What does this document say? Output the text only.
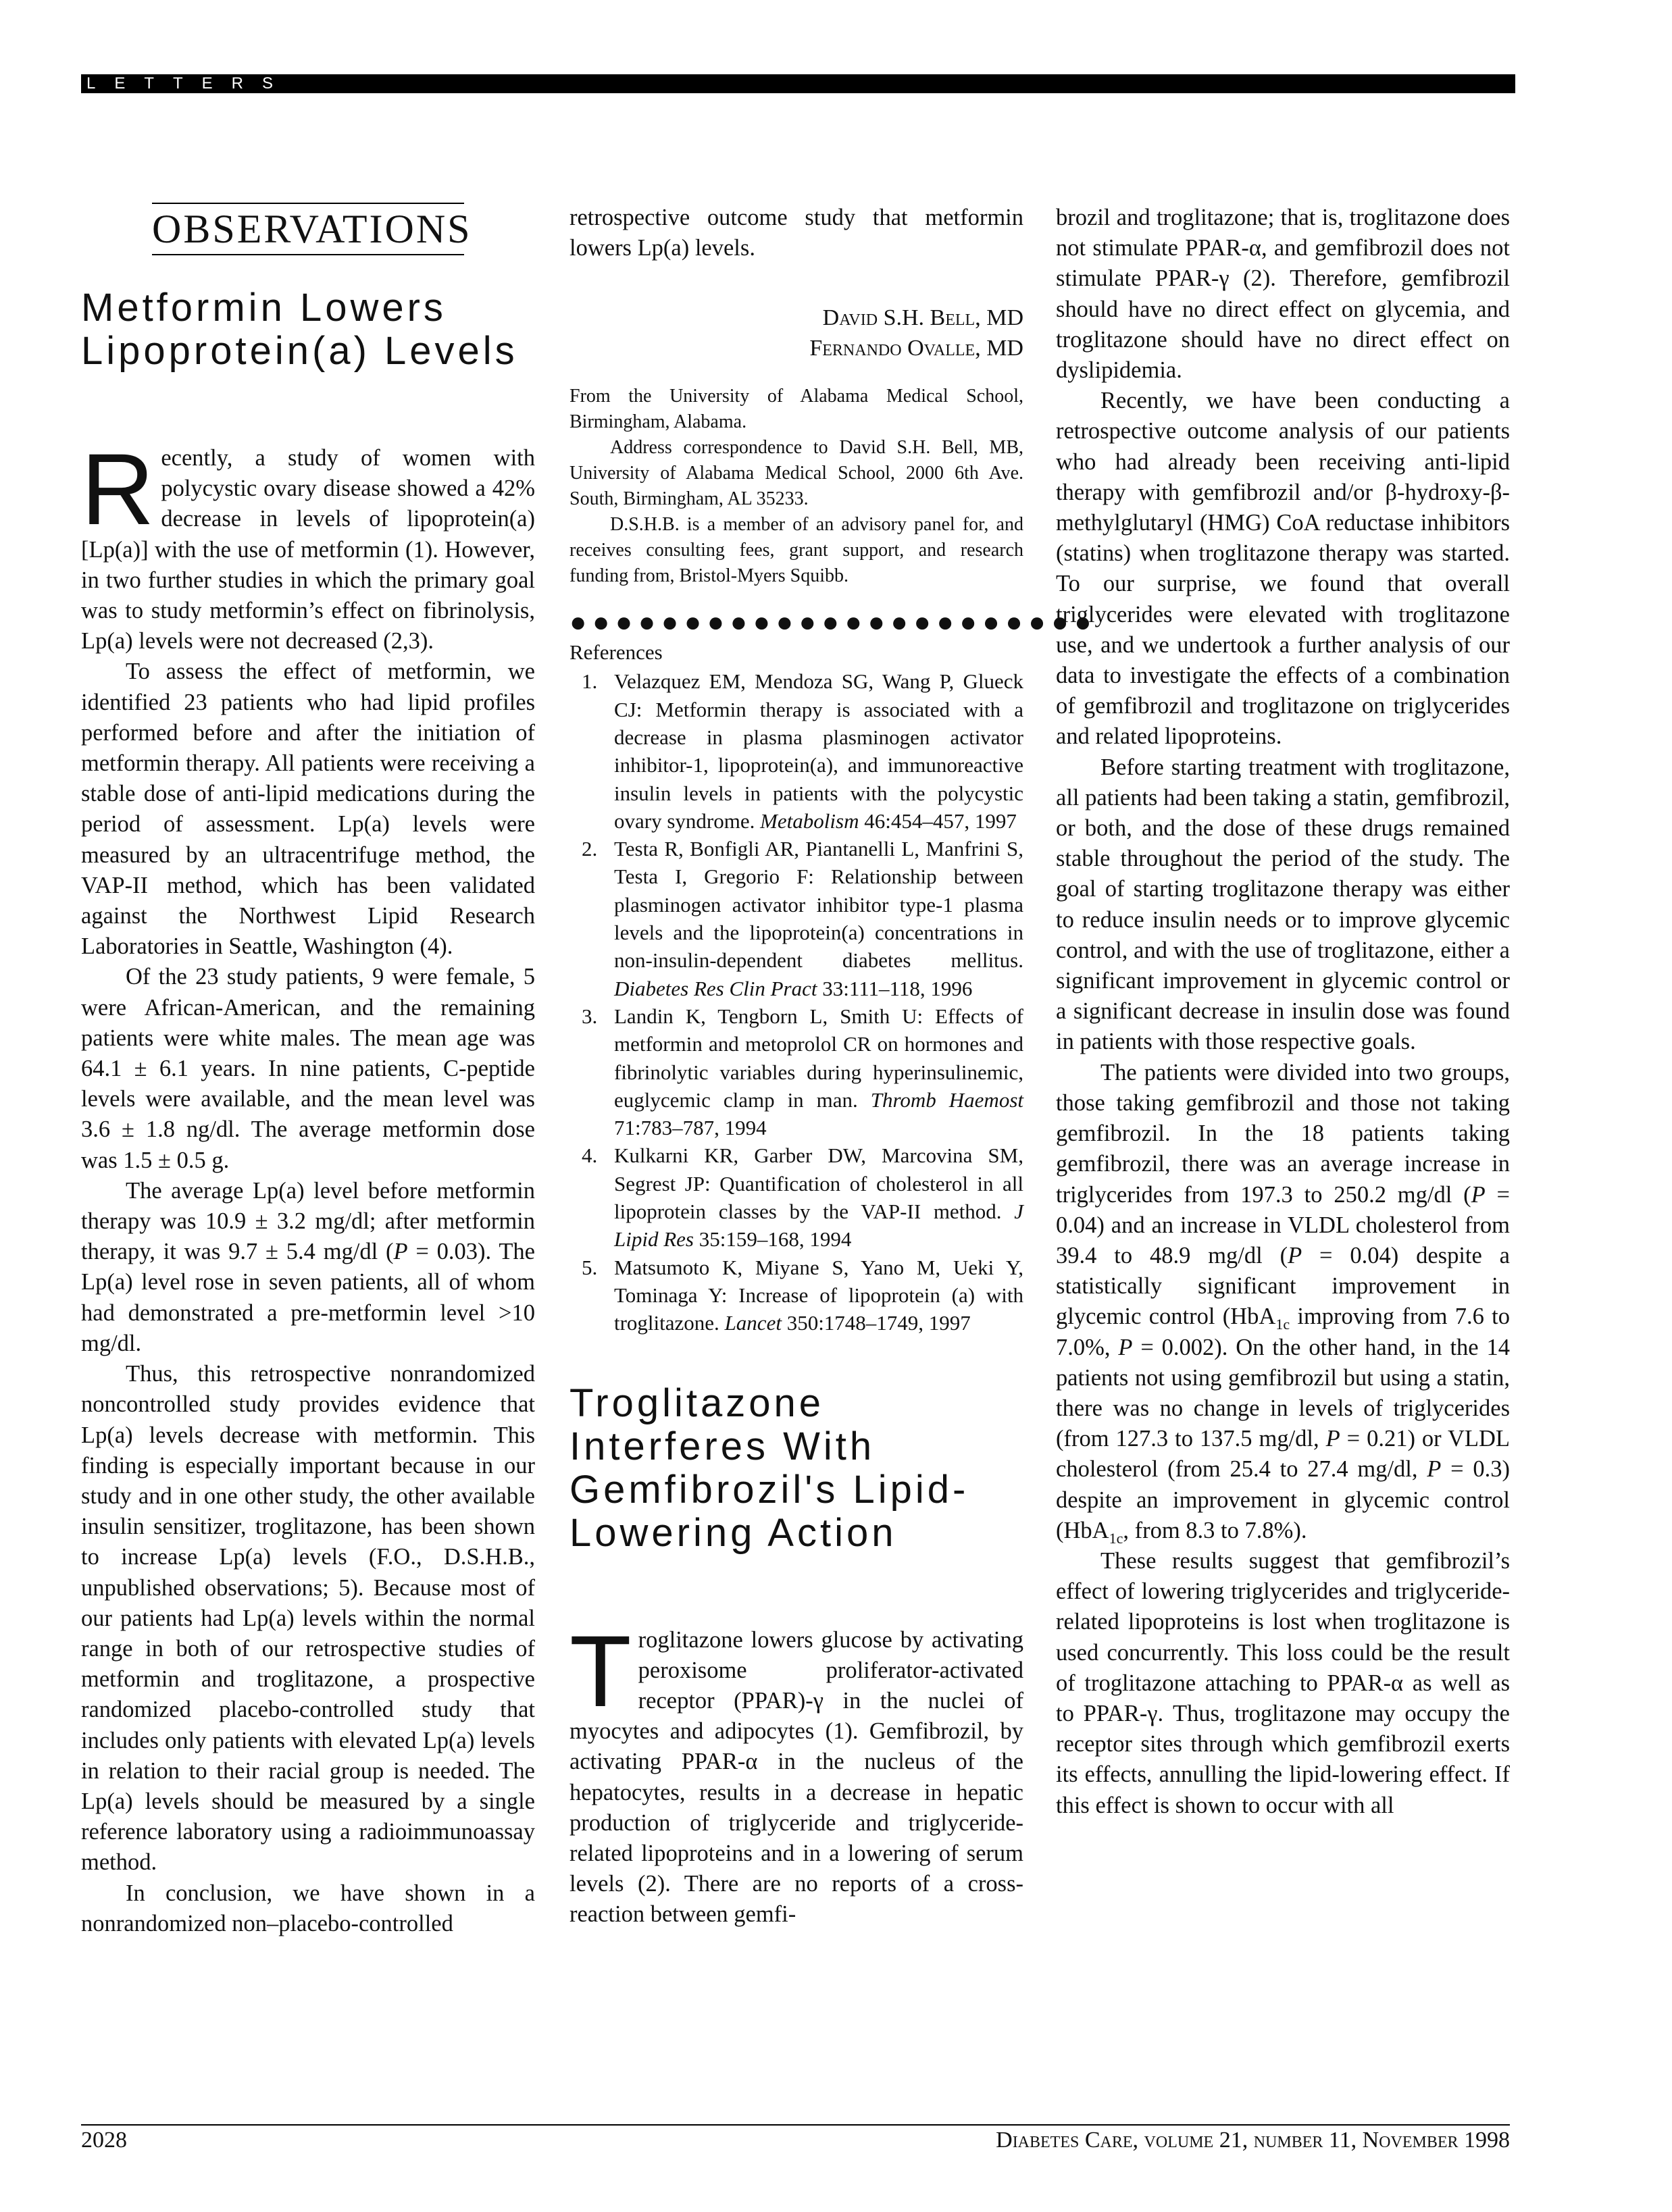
LETTERS
OBSERVATIONS
Metformin Lowers Lipoprotein(a) Levels

Recently, a study of women with polycystic ovary disease showed a 42% decrease in levels of lipoprotein(a) [Lp(a)] with the use of metformin (1). However, in two further studies in which the primary goal was to study metformin’s effect on fibrinolysis, Lp(a) levels were not decreased (2,3).

To assess the effect of metformin, we identified 23 patients who had lipid profiles performed before and after the initiation of metformin therapy. All patients were receiving a stable dose of anti-lipid medications during the period of assessment. Lp(a) levels were measured by an ultracentrifuge method, the VAP-II method, which has been validated against the Northwest Lipid Research Laboratories in Seattle, Washington (4).

Of the 23 study patients, 9 were female, 5 were African-American, and the remaining patients were white males. The mean age was 64.1 ± 6.1 years. In nine patients, C-peptide levels were available, and the mean level was 3.6 ± 1.8 ng/dl. The average metformin dose was 1.5 ± 0.5 g.

The average Lp(a) level before metformin therapy was 10.9 ± 3.2 mg/dl; after metformin therapy, it was 9.7 ± 5.4 mg/dl (P = 0.03). The Lp(a) level rose in seven patients, all of whom had demonstrated a pre-metformin level >10 mg/dl.

Thus, this retrospective nonrandomized noncontrolled study provides evidence that Lp(a) levels decrease with metformin. This finding is especially important because in our study and in one other study, the other available insulin sensitizer, troglitazone, has been shown to increase Lp(a) levels (F.O., D.S.H.B., unpublished observations; 5). Because most of our patients had Lp(a) levels within the normal range in both of our retrospective studies of metformin and troglitazone, a prospective randomized placebo-controlled study that includes only patients with elevated Lp(a) levels in relation to their racial group is needed. The Lp(a) levels should be measured by a single reference laboratory using a radioimmunoassay method.

In conclusion, we have shown in a nonrandomized non–placebo-controlled

retrospective outcome study that metformin lowers Lp(a) levels.

David S.H. Bell, MD
Fernando Ovalle, MD

From the University of Alabama Medical School, Birmingham, Alabama.

Address correspondence to David S.H. Bell, MB, University of Alabama Medical School, 2000 6th Ave. South, Birmingham, AL 35233.

D.S.H.B. is a member of an advisory panel for, and receives consulting fees, grant support, and research funding from, Bristol-Myers Squibb.

●●●●●●●●●●●●●●●●●●●●●●●
References
1. Velazquez EM, Mendoza SG, Wang P, Glueck CJ: Metformin therapy is associated with a decrease in plasma plasminogen activator inhibitor-1, lipoprotein(a), and immunoreactive insulin levels in patients with the polycystic ovary syndrome. Metabolism 46:454–457, 1997
2. Testa R, Bonfigli AR, Piantanelli L, Manfrini S, Testa I, Gregorio F: Relationship between plasminogen activator inhibitor type-1 plasma levels and the lipoprotein(a) concentrations in non-insulin-dependent diabetes mellitus. Diabetes Res Clin Pract 33:111–118, 1996
3. Landin K, Tengborn L, Smith U: Effects of metformin and metoprolol CR on hormones and fibrinolytic variables during hyperinsulinemic, euglycemic clamp in man. Thromb Haemost 71:783–787, 1994
4. Kulkarni KR, Garber DW, Marcovina SM, Segrest JP: Quantification of cholesterol in all lipoprotein classes by the VAP-II method. J Lipid Res 35:159–168, 1994
5. Matsumoto K, Miyane S, Yano M, Ueki Y, Tominaga Y: Increase of lipoprotein (a) with troglitazone. Lancet 350:1748–1749, 1997
Troglitazone Interferes With Gemfibrozil's Lipid-Lowering Action

Troglitazone lowers glucose by activating peroxisome proliferator-activated receptor (PPAR)-γ in the nuclei of myocytes and adipocytes (1). Gemfibrozil, by activating PPAR-α in the nucleus of the hepatocytes, results in a decrease in hepatic production of triglyceride and triglyceride-related lipoproteins and in a lowering of serum levels (2). There are no reports of a cross-reaction between gemfi-

brozil and troglitazone; that is, troglitazone does not stimulate PPAR-α, and gemfibrozil does not stimulate PPAR-γ (2). Therefore, gemfibrozil should have no direct effect on glycemia, and troglitazone should have no direct effect on dyslipidemia.

Recently, we have been conducting a retrospective outcome analysis of our patients who had already been receiving anti-lipid therapy with gemfibrozil and/or β-hydroxy-β-methylglutaryl (HMG) CoA reductase inhibitors (statins) when troglitazone therapy was started. To our surprise, we found that overall triglycerides were elevated with troglitazone use, and we undertook a further analysis of our data to investigate the effects of a combination of gemfibrozil and troglitazone on triglycerides and related lipoproteins.

Before starting treatment with troglitazone, all patients had been taking a statin, gemfibrozil, or both, and the dose of these drugs remained stable throughout the period of the study. The goal of starting troglitazone therapy was either to reduce insulin needs or to improve glycemic control, and with the use of troglitazone, either a significant improvement in glycemic control or a significant decrease in insulin dose was found in patients with those respective goals.

The patients were divided into two groups, those taking gemfibrozil and those not taking gemfibrozil. In the 18 patients taking gemfibrozil, there was an average increase in triglycerides from 197.3 to 250.2 mg/dl (P = 0.04) and an increase in VLDL cholesterol from 39.4 to 48.9 mg/dl (P = 0.04) despite a statistically significant improvement in glycemic control (HbA$_{1c}$ improving from 7.6 to 7.0%, P = 0.002). On the other hand, in the 14 patients not using gemfibrozil but using a statin, there was no change in levels of triglycerides (from 127.3 to 137.5 mg/dl, P = 0.21) or VLDL cholesterol (from 25.4 to 27.4 mg/dl, P = 0.3) despite an improvement in glycemic control (HbA$_{1c}$, from 8.3 to 7.8%).

These results suggest that gemfibrozil’s effect of lowering triglycerides and triglyceride-related lipoproteins is lost when troglitazone is used concurrently. This loss could be the result of troglitazone attaching to PPAR-α as well as to PPAR-γ. Thus, troglitazone may occupy the receptor sites through which gemfibrozil exerts its effects, annulling the lipid-lowering effect. If this effect is shown to occur with all

2028	Diabetes Care, volume 21, number 11, November 1998
